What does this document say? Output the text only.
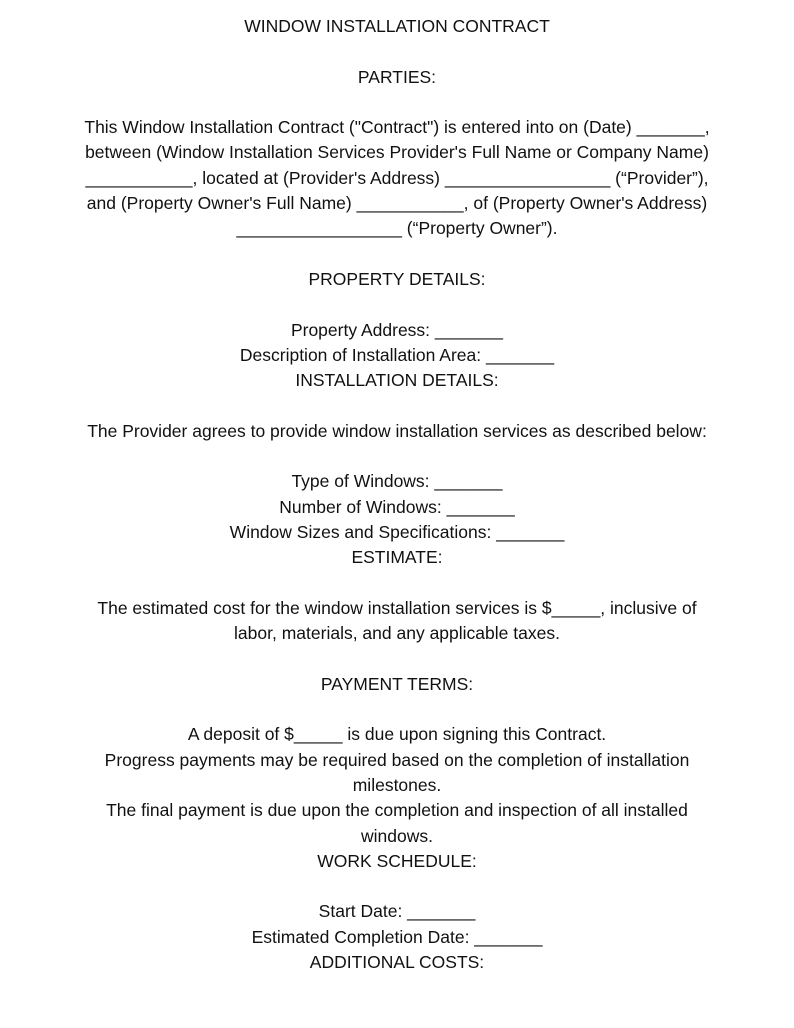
WINDOW INSTALLATION CONTRACT
PARTIES:
This Window Installation Contract ("Contract") is entered into on (Date) _______,
between (Window Installation Services Provider's Full Name or Company Name)
___________, located at (Provider's Address) _________________ (“Provider”),
and (Property Owner's Full Name) ___________, of (Property Owner's Address)
_________________ (“Property Owner”).
PROPERTY DETAILS:
Property Address: _______
Description of Installation Area: _______
INSTALLATION DETAILS:
The Provider agrees to provide window installation services as described below:
Type of Windows: _______
Number of Windows: _______
Window Sizes and Specifications: _______
ESTIMATE:
The estimated cost for the window installation services is $_____, inclusive of
labor, materials, and any applicable taxes.
PAYMENT TERMS:
A deposit of $_____ is due upon signing this Contract.
Progress payments may be required based on the completion of installation
milestones.
The final payment is due upon the completion and inspection of all installed
windows.
WORK SCHEDULE:
Start Date: _______
Estimated Completion Date: _______
ADDITIONAL COSTS:
